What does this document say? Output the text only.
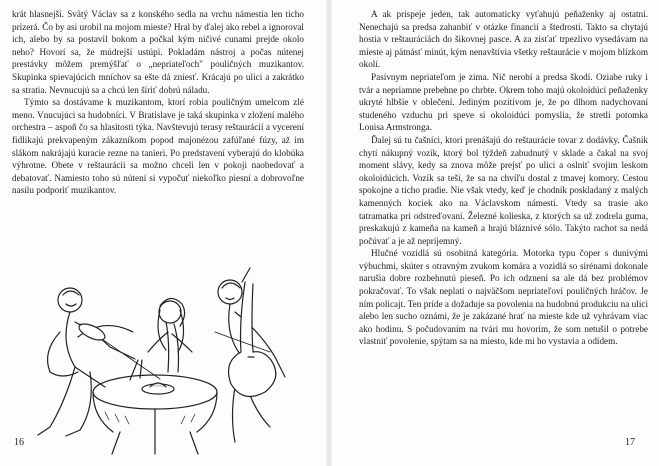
krát hlasnejší. Svätý Václav sa z konského sedla na vrchu námestia len ticho prizerá. Čo by asi urobil na mojom mieste? Hral by ďalej ako rebel a ignoroval ich, alebo by sa postavil bokom a počkal kým ničivé cunami prejde okolo neho? Hovorí sa, že múdrejší ustúpi. Pokladám nástroj a počas nútenej prestávky môžem premýšľať o „nepriateľoch" pouličných muzikantov. Skupinka spievajúcich mníchov sa ešte dá zniesť. Krácajú po ulici a zakrátko sa stratia. Nevnucujú sa a chcú len šíriť dobrú náladu.

Týmto sa dostávame k muzikantom, ktorí robia pouličným umelcom zlé meno. Vnucujúci sa hudobníci. V Bratislave je taká skupinka v zložení malého orchestra – aspoň čo sa hlasitosti týka. Navštevujú terasy reštaurácií a vycerení fidlikajú prekvapeným zákazníkom popod majonézou zafúľané fúzy, až im slákom nakrájajú kuracie rezne na tanieri. Po predstavení vyberajú do klobúka výhrotne. Obete v reštaurácii sa možno chceli len v pokoji naobedovať a debatovať. Namiesto toho sú nútení si vypočuť niekoľko piesní a dobrovoľne nasilu podporiť muzikantov.

16

A ak prispeje jeden, tak automaticky vyťahujú peňaženky aj ostatní. Nenechajú sa predsa zahanbiť v otázke financií a štedrosti. Takto sa chytajú hostia v reštauráciách do šikovnej pasce. A za zisťať trpezlivo vysedávam na mieste aj pätnásť minút, kým nenavštívia všetky reštaurácie v mojom blízkom okolí.

Pasívnym nepriateľom je zima. Nič nerobí a predsa škodí. Oziabe ruky i tvár a nepriamne prebehne po chrbte. Okrem toho majú okoloidúci peňaženky ukryté hlbšie v oblečení. Jediným pozitívom je, že po dlhom nadychovaní studeného vzduchu pri speve si okoloidúci pomyslia, že stretli potomka Louisa Armstronga.

Ďalej sú tu čašníci, ktorí prenášajú do reštaurácie tovar z dodávky. Čašník chytí nákupný vozík, ktorý bol týždeň zabudnutý v sklade a čakal na svoj moment slávy, kedy sa znova môže prejsť po ulici a oslniť svojim leskom okoloidúcich. Vozík sa teší, že sa na chvíľu dostal z tmavej komory. Cestou spokojne a ticho pradie. Nie však vtedy, keď je chodník poskladaný z malých kamenných kociek ako na Václavskom námestí. Vtedy sa trasie ako tatramatka pri odstreďovaní. Železné kolieska, z ktorých sa už zodrela guma, preskakujú z kameňa na kameň a hrajú bláznivé sólo. Takýto rachot sa nedá počúvať a je až nepríjemný.

Hlučné vozidlá sú osobitná kategória. Motorka typu čoper s dunivými výbuchmi, skúter s otravným zvukom komára a vozidlá so sirénami dokonale narušia dobre rozbehnutú pieseň. Po ich odznení sa ale dá bez problémov pokračovať. To však neplatí o najväčšom nepriateľovi pouličných hráčov. Je ním policajt. Ten príde a dožaduje sa povolenia na hudobnú produkciu na ulici alebo len sucho oznámi, že je zakázané hrať na mieste kde už vyhrávam viac ako hodinu. S počudovaním na tvári mu hovorím, že som netušil o potrebe vlastniť povolenie, spýtam sa na miesto, kde mi ho vystavia a odídem.

17
